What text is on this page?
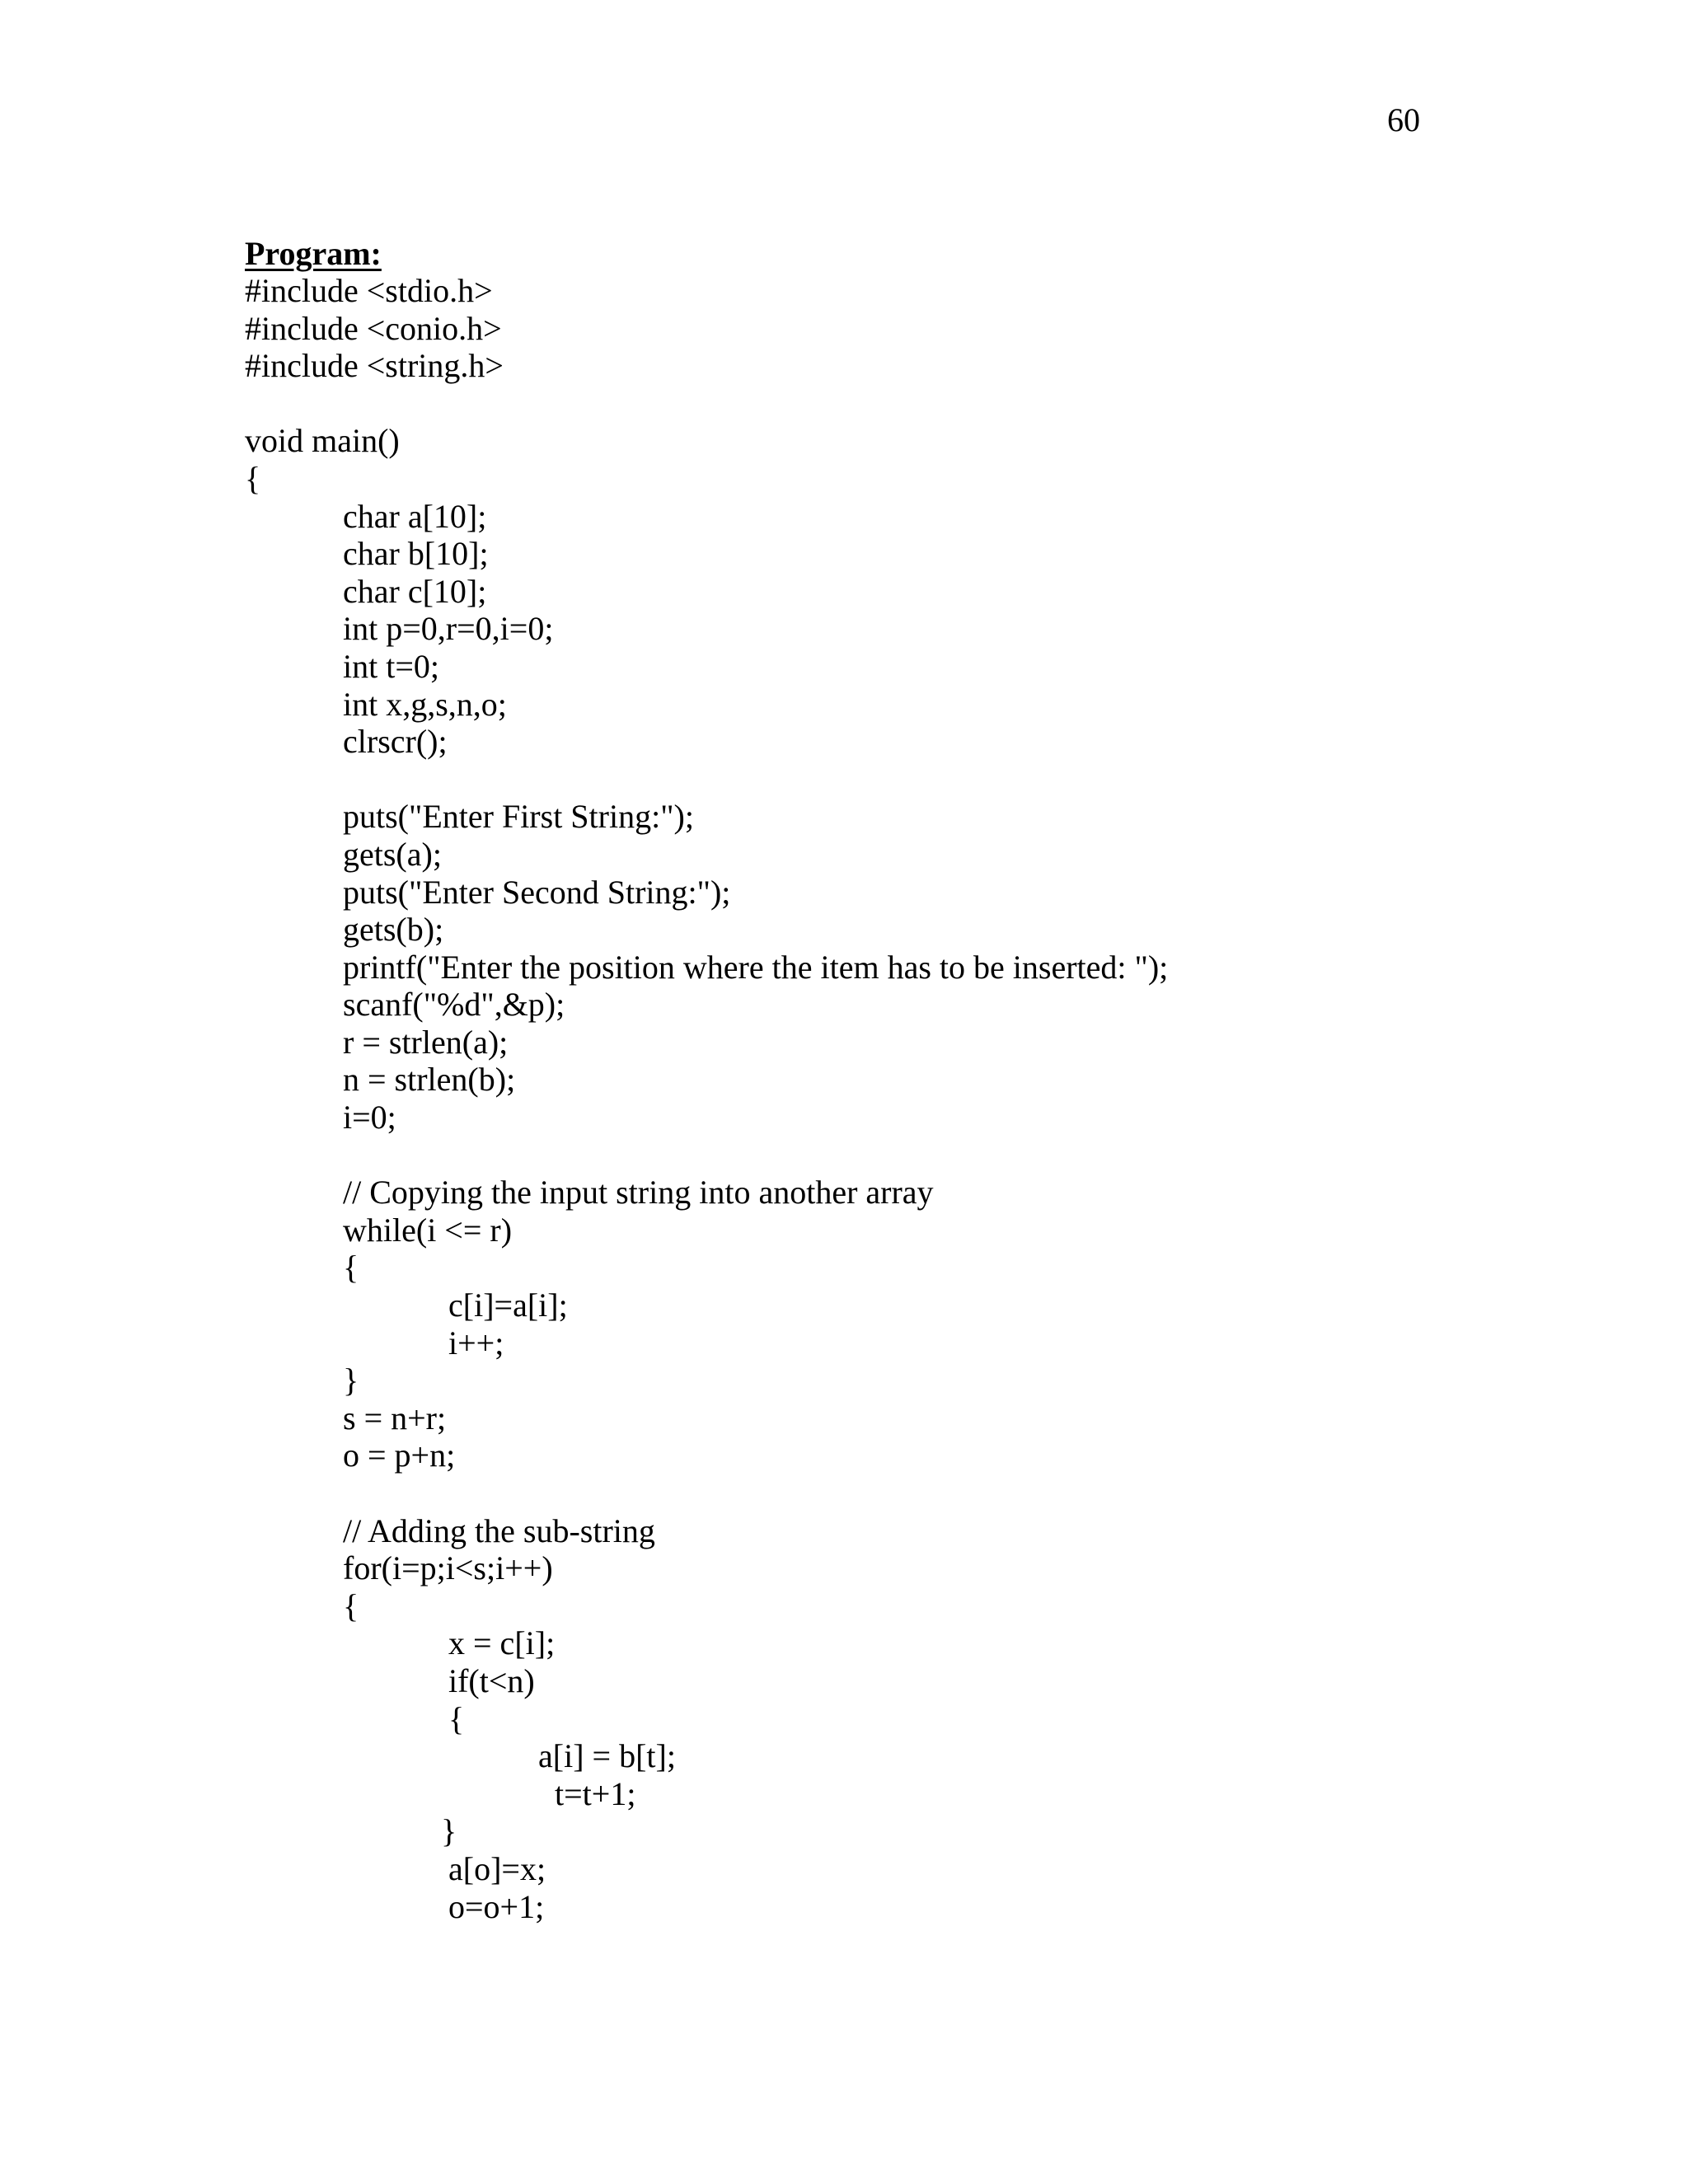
60
Program:
#include <stdio.h>
#include <conio.h>
#include <string.h>
void main()
{
char a[10];
char b[10];
char c[10];
int p=0,r=0,i=0;
int t=0;
int x,g,s,n,o;
clrscr();
puts("Enter First String:");
gets(a);
puts("Enter Second String:");
gets(b);
printf("Enter the position where the item has to be inserted: ");
scanf("%d",&p);
r = strlen(a);
n = strlen(b);
i=0;
// Copying the input string into another array
while(i <= r)
{
c[i]=a[i];
i++;
}
s = n+r;
o = p+n;
// Adding the sub-string
for(i=p;i<s;i++)
{
x = c[i];
if(t<n)
{
a[i] = b[t];
t=t+1;
}
a[o]=x;
o=o+1;
